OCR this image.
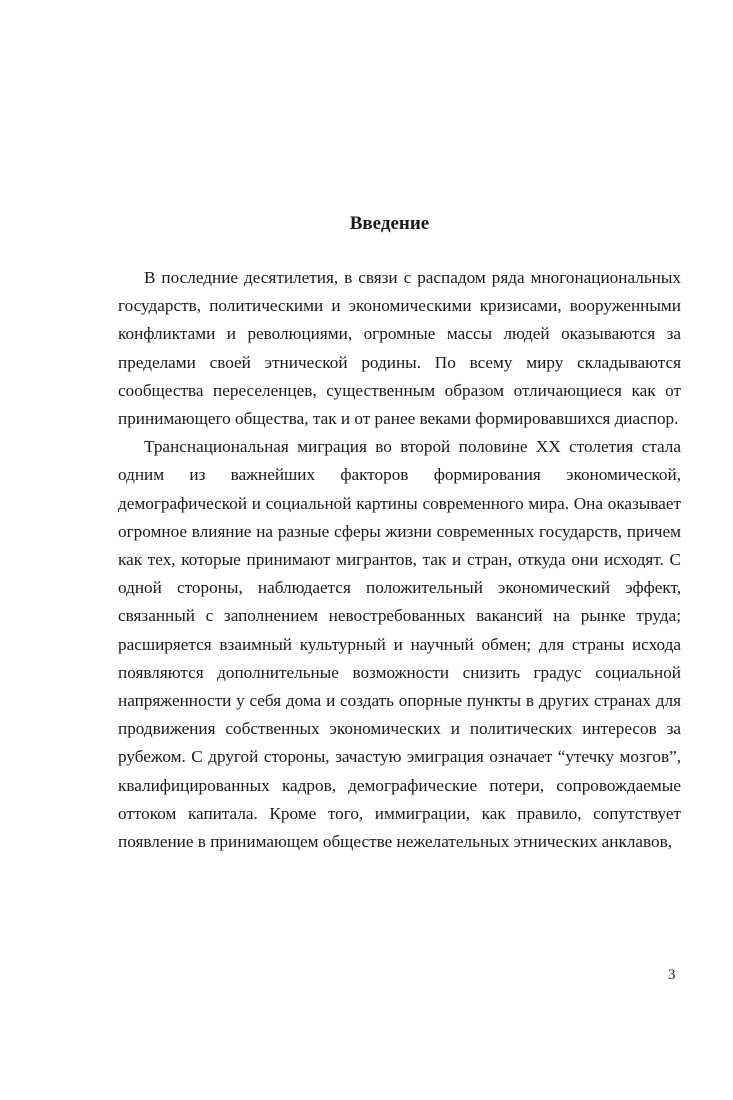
Введение

В последние десятилетия, в связи с распадом ряда многонациональных государств, политическими и экономическими кризисами, вооруженными конфликтами и революциями, огромные массы людей оказываются за пределами своей этнической родины. По всему миру складываются сообщества переселенцев, существенным образом отличающиеся как от принимающего общества, так и от ранее веками формировавшихся диаспор.

Транснациональная миграция во второй половине XX столетия стала одним из важнейших факторов формирования экономической, демографической и социальной картины современного мира. Она оказывает огромное влияние на разные сферы жизни современных государств, причем как тех, которые принимают мигрантов, так и стран, откуда они исходят. С одной стороны, наблюдается положительный экономический эффект, связанный с заполнением невостребованных вакансий на рынке труда; расширяется взаимный культурный и научный обмен; для страны исхода появляются дополнительные возможности снизить градус социальной напряженности у себя дома и создать опорные пункты в других странах для продвижения собственных экономических и политических интересов за рубежом. С другой стороны, зачастую эмиграция означает “утечку мозгов”, квалифицированных кадров, демографические потери, сопровождаемые оттоком капитала. Кроме того, иммиграции, как правило, сопутствует появление в принимающем обществе нежелательных этнических анклавов,

3
